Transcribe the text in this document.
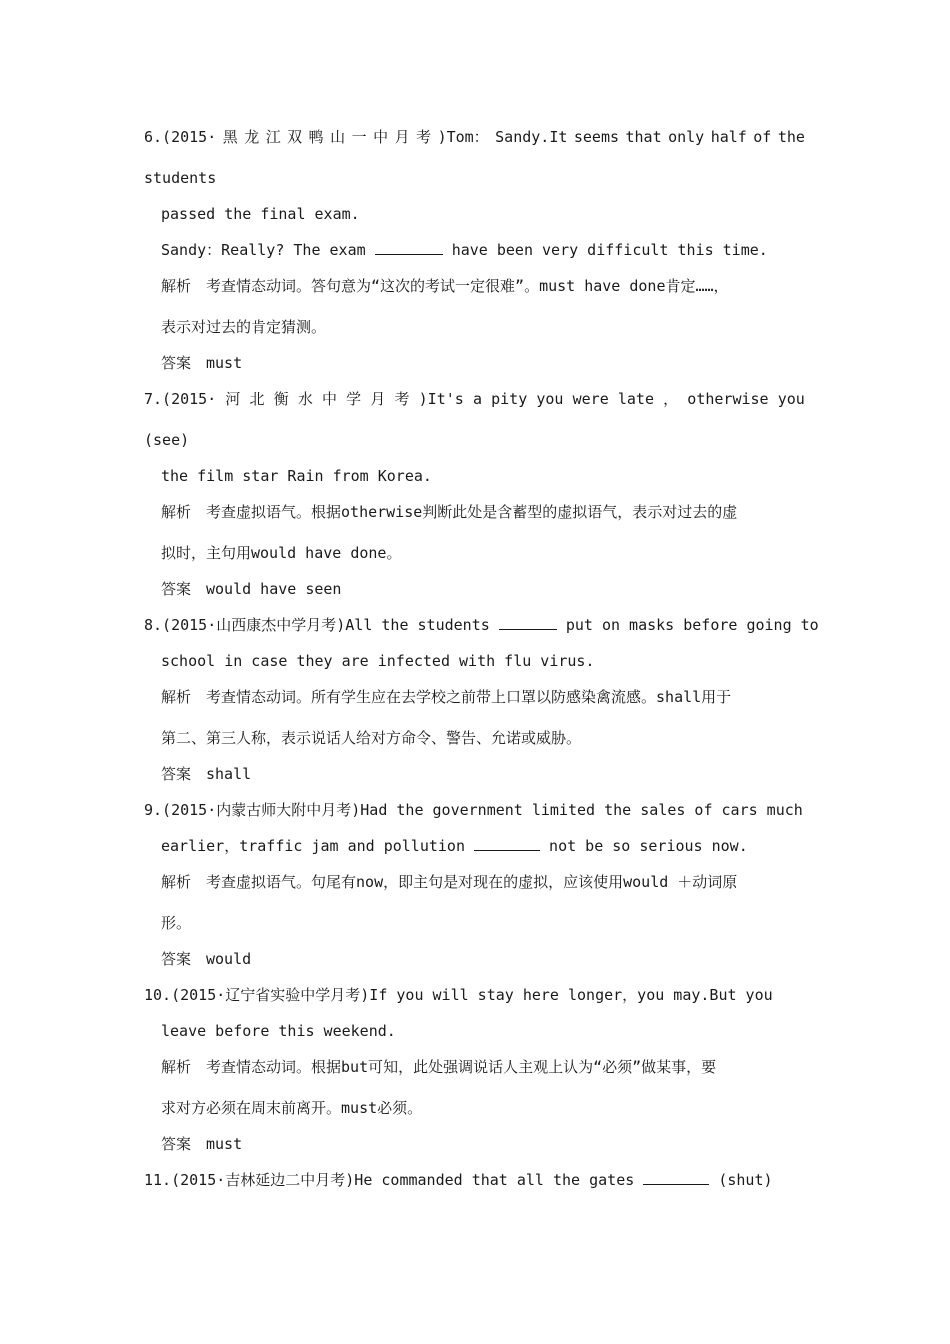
6.(2015· 黑 龙 江 双 鸭 山 一 中 月 考 )Tom： Sandy.It seems that only half of the
students
passed the final exam.
Sandy：Really? The exam	have been very difficult this time.
解析　考查情态动词。答句意为“这次的考试一定很难”。must have done肯定……，
表示对过去的肯定猜测。
答案　must
7.(2015· 河 北 衡 水 中 学 月 考 )It's a pity you were late ， otherwise you
(see)
the film star Rain from Korea.
解析　考查虚拟语气。根据otherwise判断此处是含蓄型的虚拟语气，表示对过去的虚
拟时，主句用would have done。
答案　would have seen
8.(2015·山西康杰中学月考)All the students	put on masks before going to
school in case they are infected with flu virus.
解析　考查情态动词。所有学生应在去学校之前带上口罩以防感染禽流感。shall用于
第二、第三人称，表示说话人给对方命令、警告、允诺或威胁。
答案　shall
9.(2015·内蒙古师大附中月考)Had the government limited the sales of cars much
earlier，traffic jam and pollution	not be so serious now.
解析　考查虚拟语气。句尾有now，即主句是对现在的虚拟，应该使用would ＋动词原
形。
答案　would
10.(2015·辽宁省实验中学月考)If you will stay here longer，you may.But you
leave before this weekend.
解析　考查情态动词。根据but可知，此处强调说话人主观上认为“必须”做某事，要
求对方必须在周末前离开。must必须。
答案　must
11.(2015·吉林延边二中月考)He commanded that all the gates	(shut)
